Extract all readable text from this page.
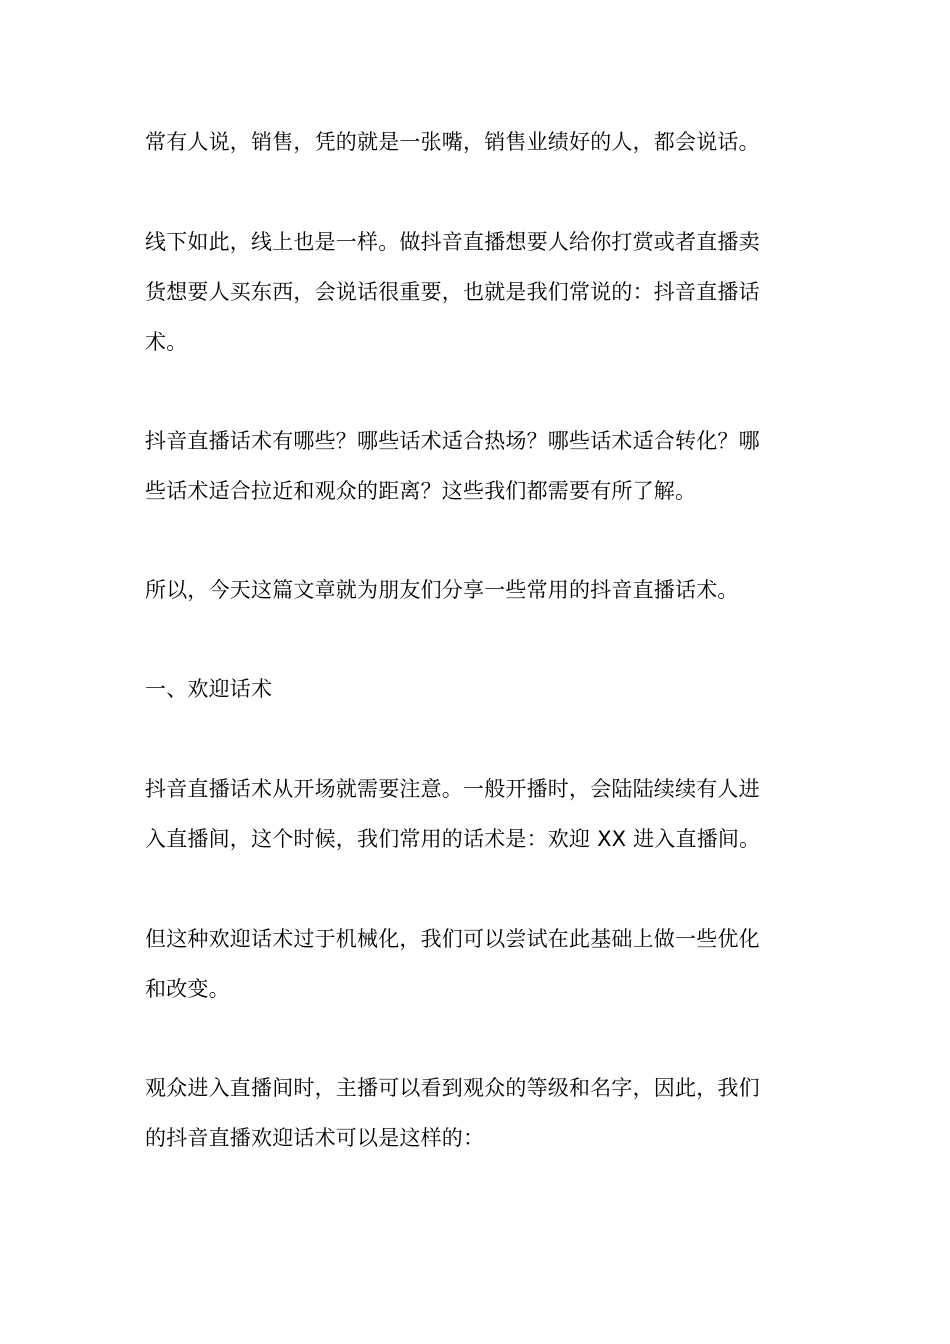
常有人说，销售，凭的就是一张嘴，销售业绩好的人，都会说话。
线下如此，线上也是一样。做抖音直播想要人给你打赏或者直播卖
货想要人买东西，会说话很重要，也就是我们常说的：抖音直播话
术。
抖音直播话术有哪些？哪些话术适合热场？哪些话术适合转化？哪
些话术适合拉近和观众的距离？这些我们都需要有所了解。
所以，今天这篇文章就为朋友们分享一些常用的抖音直播话术。
一、欢迎话术
抖音直播话术从开场就需要注意。一般开播时，会陆陆续续有人进
入直播间，这个时候，我们常用的话术是：欢迎 XX 进入直播间。
但这种欢迎话术过于机械化，我们可以尝试在此基础上做一些优化
和改变。
观众进入直播间时，主播可以看到观众的等级和名字，因此，我们
的抖音直播欢迎话术可以是这样的：
